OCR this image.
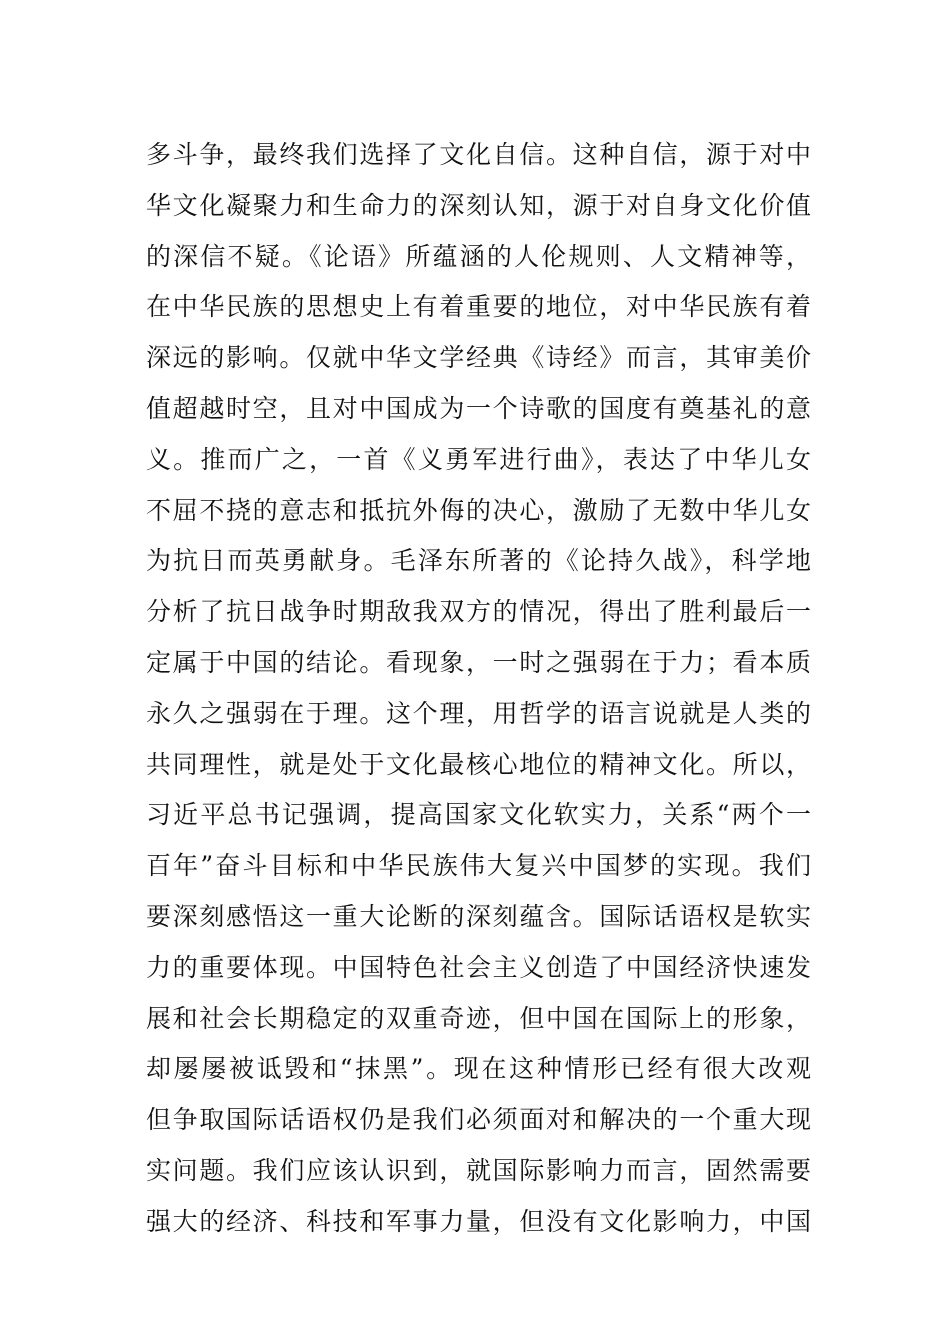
多斗争，最终我们选择了文化自信。这种自信，源于对中
华文化凝聚力和生命力的深刻认知，源于对自身文化价值
的深信不疑。《论语》所蕴涵的人伦规则、人文精神等，
在中华民族的思想史上有着重要的地位，对中华民族有着
深远的影响。仅就中华文学经典《诗经》而言，其审美价
值超越时空，且对中国成为一个诗歌的国度有奠基礼的意
义。推而广之，一首《义勇军进行曲》，表达了中华儿女
不屈不挠的意志和抵抗外侮的决心，激励了无数中华儿女
为抗日而英勇献身。毛泽东所著的《论持久战》，科学地
分析了抗日战争时期敌我双方的情况，得出了胜利最后一
定属于中国的结论。看现象，一时之强弱在于力；看本质
永久之强弱在于理。这个理，用哲学的语言说就是人类的
共同理性，就是处于文化最核心地位的精神文化。所以，
习近平总书记强调，提高国家文化软实力，关系“两个一
百年”奋斗目标和中华民族伟大复兴中国梦的实现。我们
要深刻感悟这一重大论断的深刻蕴含。国际话语权是软实
力的重要体现。中国特色社会主义创造了中国经济快速发
展和社会长期稳定的双重奇迹，但中国在国际上的形象，
却屡屡被诋毁和“抹黑”。现在这种情形已经有很大改观
但争取国际话语权仍是我们必须面对和解决的一个重大现
实问题。我们应该认识到，就国际影响力而言，固然需要
强大的经济、科技和军事力量，但没有文化影响力，中国
